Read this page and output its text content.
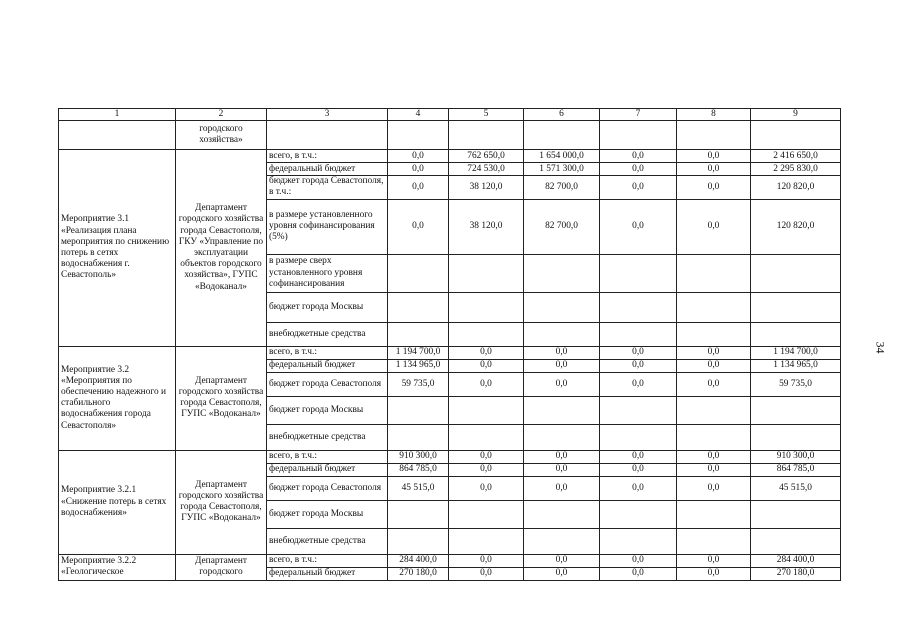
1	2	3	4	5	6	7	8	9
	городского хозяйства»							
Мероприятие 3.1 «Реализация плана мероприятия по снижению потерь в сетях водоснабжения г. Севастополь»	Департамент городского хозяйства города Севастополя, ГКУ «Управление по эксплуатации объектов городского хозяйства», ГУПС «Водоканал»	всего, в т.ч.:	0,0	762 650,0	1 654 000,0	0,0	0,0	2 416 650,0
		федеральный бюджет	0,0	724 530,0	1 571 300,0	0,0	0,0	2 295 830,0
		бюджет города Севастополя, в т.ч.:	0,0	38 120,0	82 700,0	0,0	0,0	120 820,0
		в размере установленного уровня софинансирования (5%)	0,0	38 120,0	82 700,0	0,0	0,0	120 820,0
		в размере сверх установленного уровня софинансирования						
		бюджет города Москвы						
		внебюджетные средства						
Мероприятие 3.2 «Мероприятия по обеспечению надежного и стабильного водоснабжения города Севастополя»	Департамент городского хозяйства города Севастополя, ГУПС «Водоканал»	всего, в т.ч.:	1 194 700,0	0,0	0,0	0,0	0,0	1 194 700,0
		федеральный бюджет	1 134 965,0	0,0	0,0	0,0	0,0	1 134 965,0
		бюджет города Севастополя	59 735,0	0,0	0,0	0,0	0,0	59 735,0
		бюджет города Москвы						
		внебюджетные средства						
Мероприятие 3.2.1 «Снижение потерь в сетях водоснабжения»	Департамент городского хозяйства города Севастополя, ГУПС «Водоканал»	всего, в т.ч.:	910 300,0	0,0	0,0	0,0	0,0	910 300,0
		федеральный бюджет	864 785,0	0,0	0,0	0,0	0,0	864 785,0
		бюджет города Севастополя	45 515,0	0,0	0,0	0,0	0,0	45 515,0
		бюджет города Москвы						
		внебюджетные средства						
Мероприятие 3.2.2 «Геологическое	Департамент городского	всего, в т.ч.:	284 400,0	0,0	0,0	0,0	0,0	284 400,0
		федеральный бюджет	270 180,0	0,0	0,0	0,0	0,0	270 180,0
34
